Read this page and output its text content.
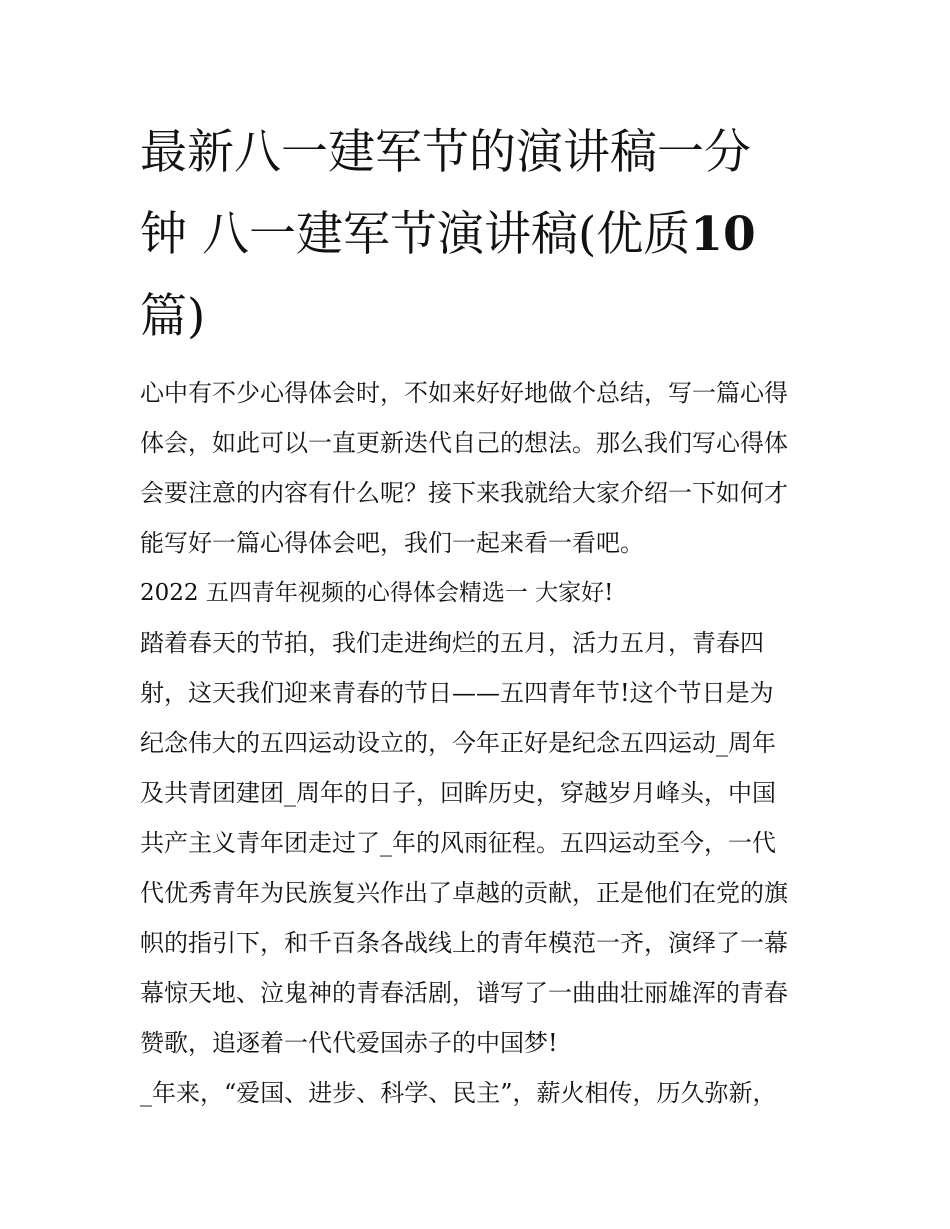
最新八一建军节的演讲稿一分
钟 八一建军节演讲稿(优质10
篇)
心中有不少心得体会时，不如来好好地做个总结，写一篇心得
体会，如此可以一直更新迭代自己的想法。那么我们写心得体
会要注意的内容有什么呢？接下来我就给大家介绍一下如何才
能写好一篇心得体会吧，我们一起来看一看吧。
2022 五四青年视频的心得体会精选一 大家好!
踏着春天的节拍，我们走进绚烂的五月，活力五月，青春四
射，这天我们迎来青春的节日——五四青年节!这个节日是为
纪念伟大的五四运动设立的，今年正好是纪念五四运动_周年
及共青团建团_周年的日子，回眸历史，穿越岁月峰头，中国
共产主义青年团走过了_年的风雨征程。五四运动至今，一代
代优秀青年为民族复兴作出了卓越的贡献，正是他们在党的旗
帜的指引下，和千百条各战线上的青年模范一齐，演绎了一幕
幕惊天地、泣鬼神的青春活剧，谱写了一曲曲壮丽雄浑的青春
赞歌，追逐着一代代爱国赤子的中国梦!
_年来，“爱国、进步、科学、民主”，薪火相传，历久弥新，
